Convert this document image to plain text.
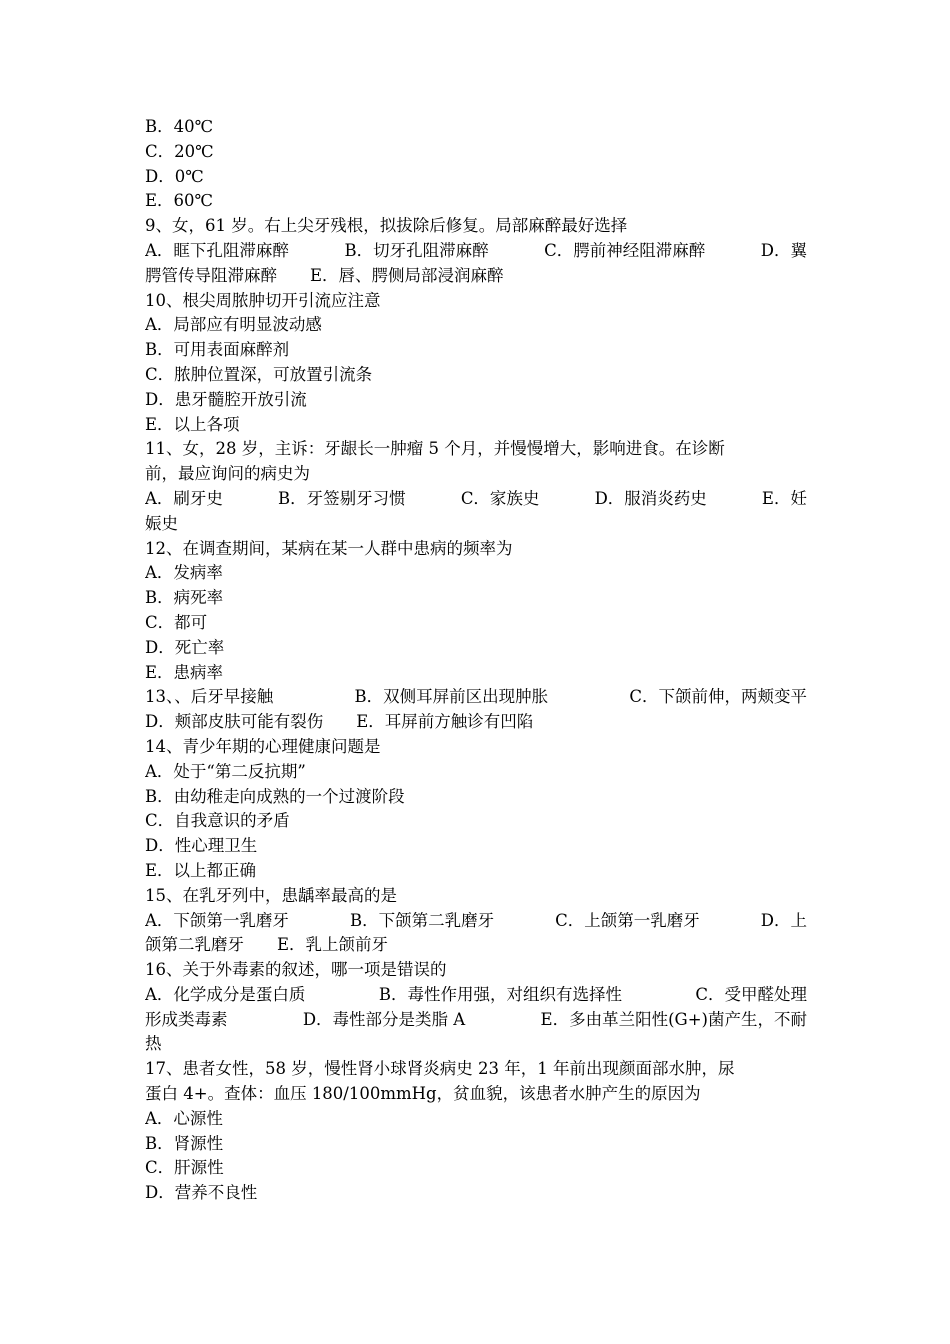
B．40℃
C．20℃
D．0℃
E．60℃
9、女，61 岁。右上尖牙残根，拟拔除后修复。局部麻醉最好选择
A．眶下孔阻滞麻醉	B．切牙孔阻滞麻醉	C．腭前神经阻滞麻醉	D．翼
腭管传导阻滞麻醉　　E．唇、腭侧局部浸润麻醉
10、根尖周脓肿切开引流应注意
A．局部应有明显波动感
B．可用表面麻醉剂
C．脓肿位置深，可放置引流条
D．患牙髓腔开放引流
E．以上各项
11、女，28 岁，主诉：牙龈长一肿瘤 5 个月，并慢慢增大，影响进食。在诊断
前，最应询问的病史为
A．刷牙史	B．牙签剔牙习惯	C．家族史	D．服消炎药史	E．妊
娠史
12、在调查期间，某病在某一人群中患病的频率为
A．发病率
B．病死率
C．都可
D．死亡率
E．患病率
13、、后牙早接触	B．双侧耳屏前区出现肿胀	C．下颌前伸，两颊变平
D．颊部皮肤可能有裂伤　　E．耳屏前方触诊有凹陷
14、青少年期的心理健康问题是
A．处于“第二反抗期”
B．由幼稚走向成熟的一个过渡阶段
C．自我意识的矛盾
D．性心理卫生
E．以上都正确
15、在乳牙列中，患龋率最高的是
A．下颌第一乳磨牙	B．下颌第二乳磨牙	C．上颌第一乳磨牙	D．上
颌第二乳磨牙　　E．乳上颌前牙
16、关于外毒素的叙述，哪一项是错误的
A．化学成分是蛋白质	B．毒性作用强，对组织有选择性	C．受甲醛处理
形成类毒素	D．毒性部分是类脂 A	E．多由革兰阳性(G+)菌产生，不耐
热
17、患者女性，58 岁，慢性肾小球肾炎病史 23 年，1 年前出现颜面部水肿，尿
蛋白 4+。查体：血压 180/100mmHg，贫血貌，该患者水肿产生的原因为
A．心源性
B．肾源性
C．肝源性
D．营养不良性
